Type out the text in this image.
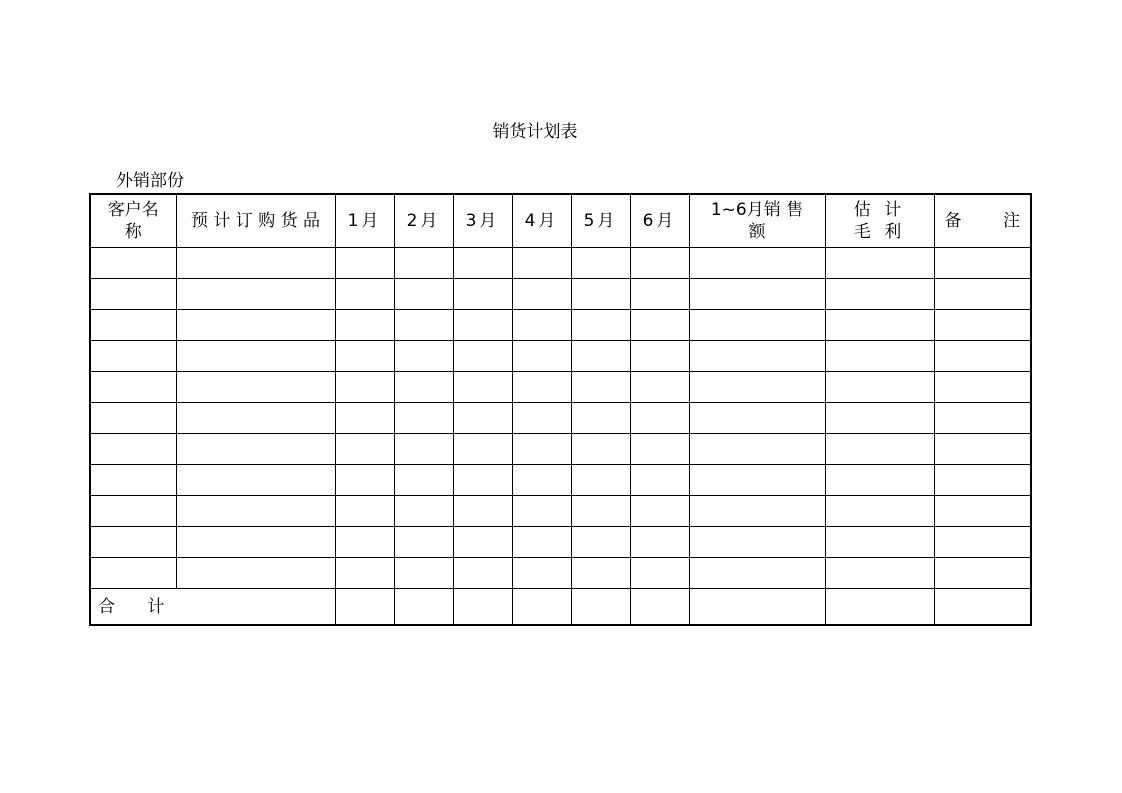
销货计划表
外销部份
客户名称	预 计 订 购 货 品	1月	2月	3月	4月	5月	6月	1~6月销 售 额	估 计 毛 利	备 注

合      计										
